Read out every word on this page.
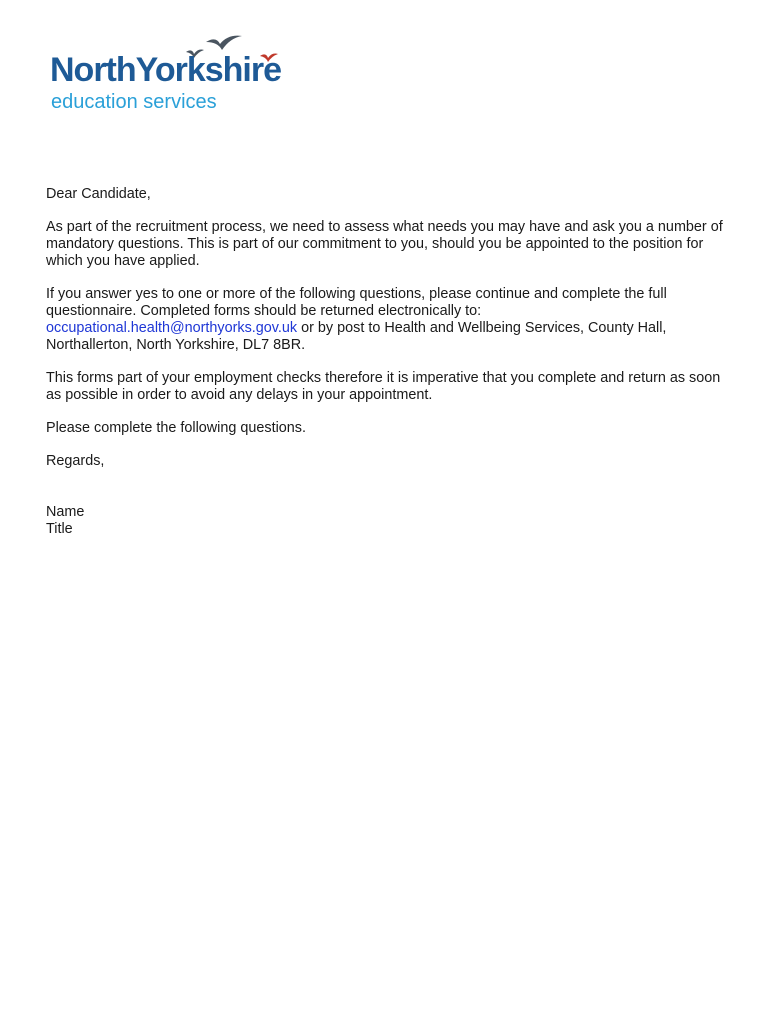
NorthYorkshire
education services

Dear Candidate,

As part of the recruitment process, we need to assess what needs you may have and ask you a number of mandatory questions. This is part of our commitment to you, should you be appointed to the position for which you have applied.

If you answer yes to one or more of the following questions, please continue and complete the full questionnaire. Completed forms should be returned electronically to:
occupational.health@northyorks.gov.uk or by post to Health and Wellbeing Services, County Hall, Northallerton, North Yorkshire, DL7 8BR.

This forms part of your employment checks therefore it is imperative that you complete and return as soon as possible in order to avoid any delays in your appointment.

Please complete the following questions.

Regards,

Name
Title
